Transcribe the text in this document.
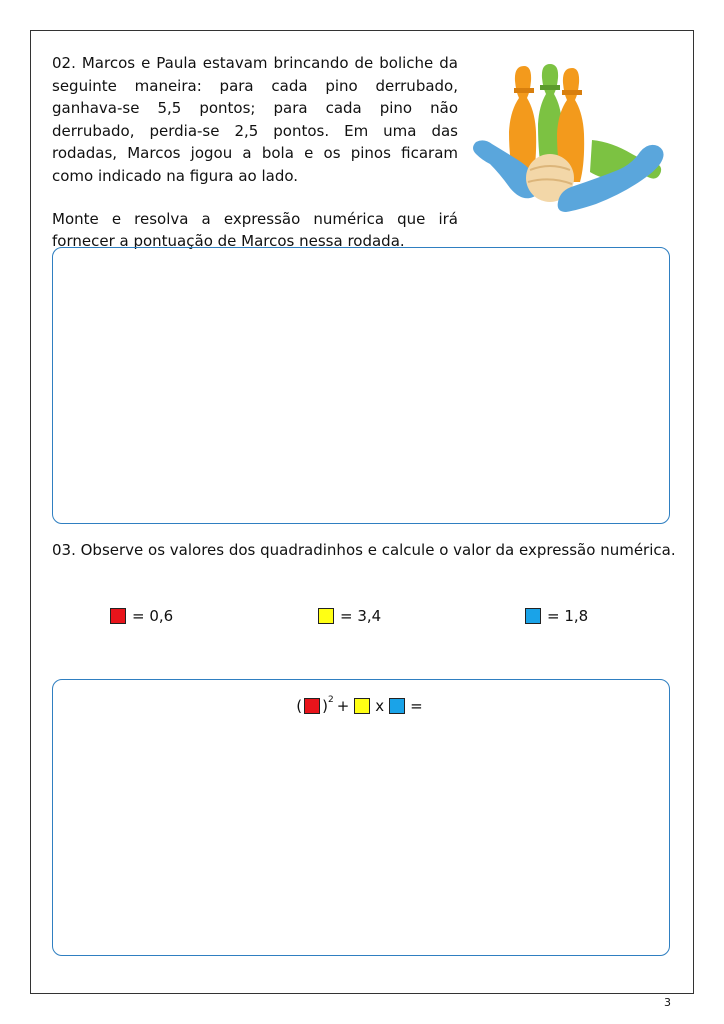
02. Marcos e Paula estavam brincando de boliche da seguinte maneira: para cada pino derrubado, ganhava-se 5,5 pontos; para cada pino não derrubado, perdia-se 2,5 pontos. Em uma das rodadas, Marcos jogou a bola e os pinos ficaram como indicado na figura ao lado.

Monte e resolva a expressão numérica que irá fornecer a pontuação de Marcos nessa rodada.

03. Observe os valores dos quadradinhos e calcule o valor da expressão numérica.
= 0,6	= 3,4	= 1,8
( )$^2$ + x =
3
